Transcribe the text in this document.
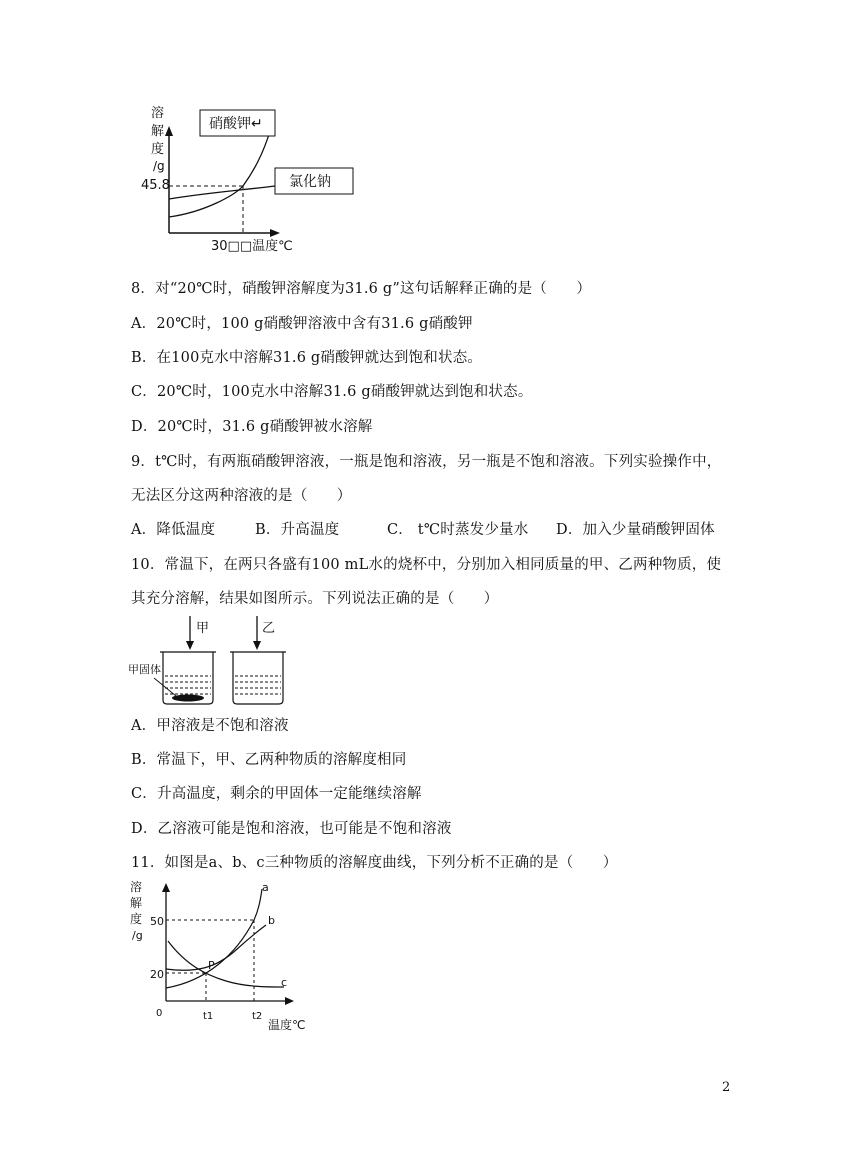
溶
解
度
/g
45.8
硝酸钾↵
氯化钠
30□□温度℃
8．对“20℃时，硝酸钾溶解度为31.6 g”这句话解释正确的是（　　）
A．20℃时，100 g硝酸钾溶液中含有31.6 g硝酸钾
B．在100克水中溶解31.6 g硝酸钾就达到饱和状态。
C．20℃时，100克水中溶解31.6 g硝酸钾就达到饱和状态。
D．20℃时，31.6 g硝酸钾被水溶解
9．t℃时，有两瓶硝酸钾溶液，一瓶是饱和溶液，另一瓶是不饱和溶液。下列实验操作中，
无法区分这两种溶液的是（　　）
A．降低温度	B．升高温度	C． t℃时蒸发少量水 D．加入少量硝酸钾固体
10．常温下，在两只各盛有100 mL水的烧杯中，分别加入相同质量的甲、乙两种物质，使
其充分溶解，结果如图所示。下列说法正确的是（　　）
甲	乙
甲固体
A．甲溶液是不饱和溶液
B．常温下，甲、乙两种物质的溶解度相同
C．升高温度，剩余的甲固体一定能继续溶解
D．乙溶液可能是饱和溶液，也可能是不饱和溶液
11．如图是a、b、c三种物质的溶解度曲线，下列分析不正确的是（　　）
溶
解
度
/g
50
20
0	t1	t2
温度℃
a
b
c
P
2
